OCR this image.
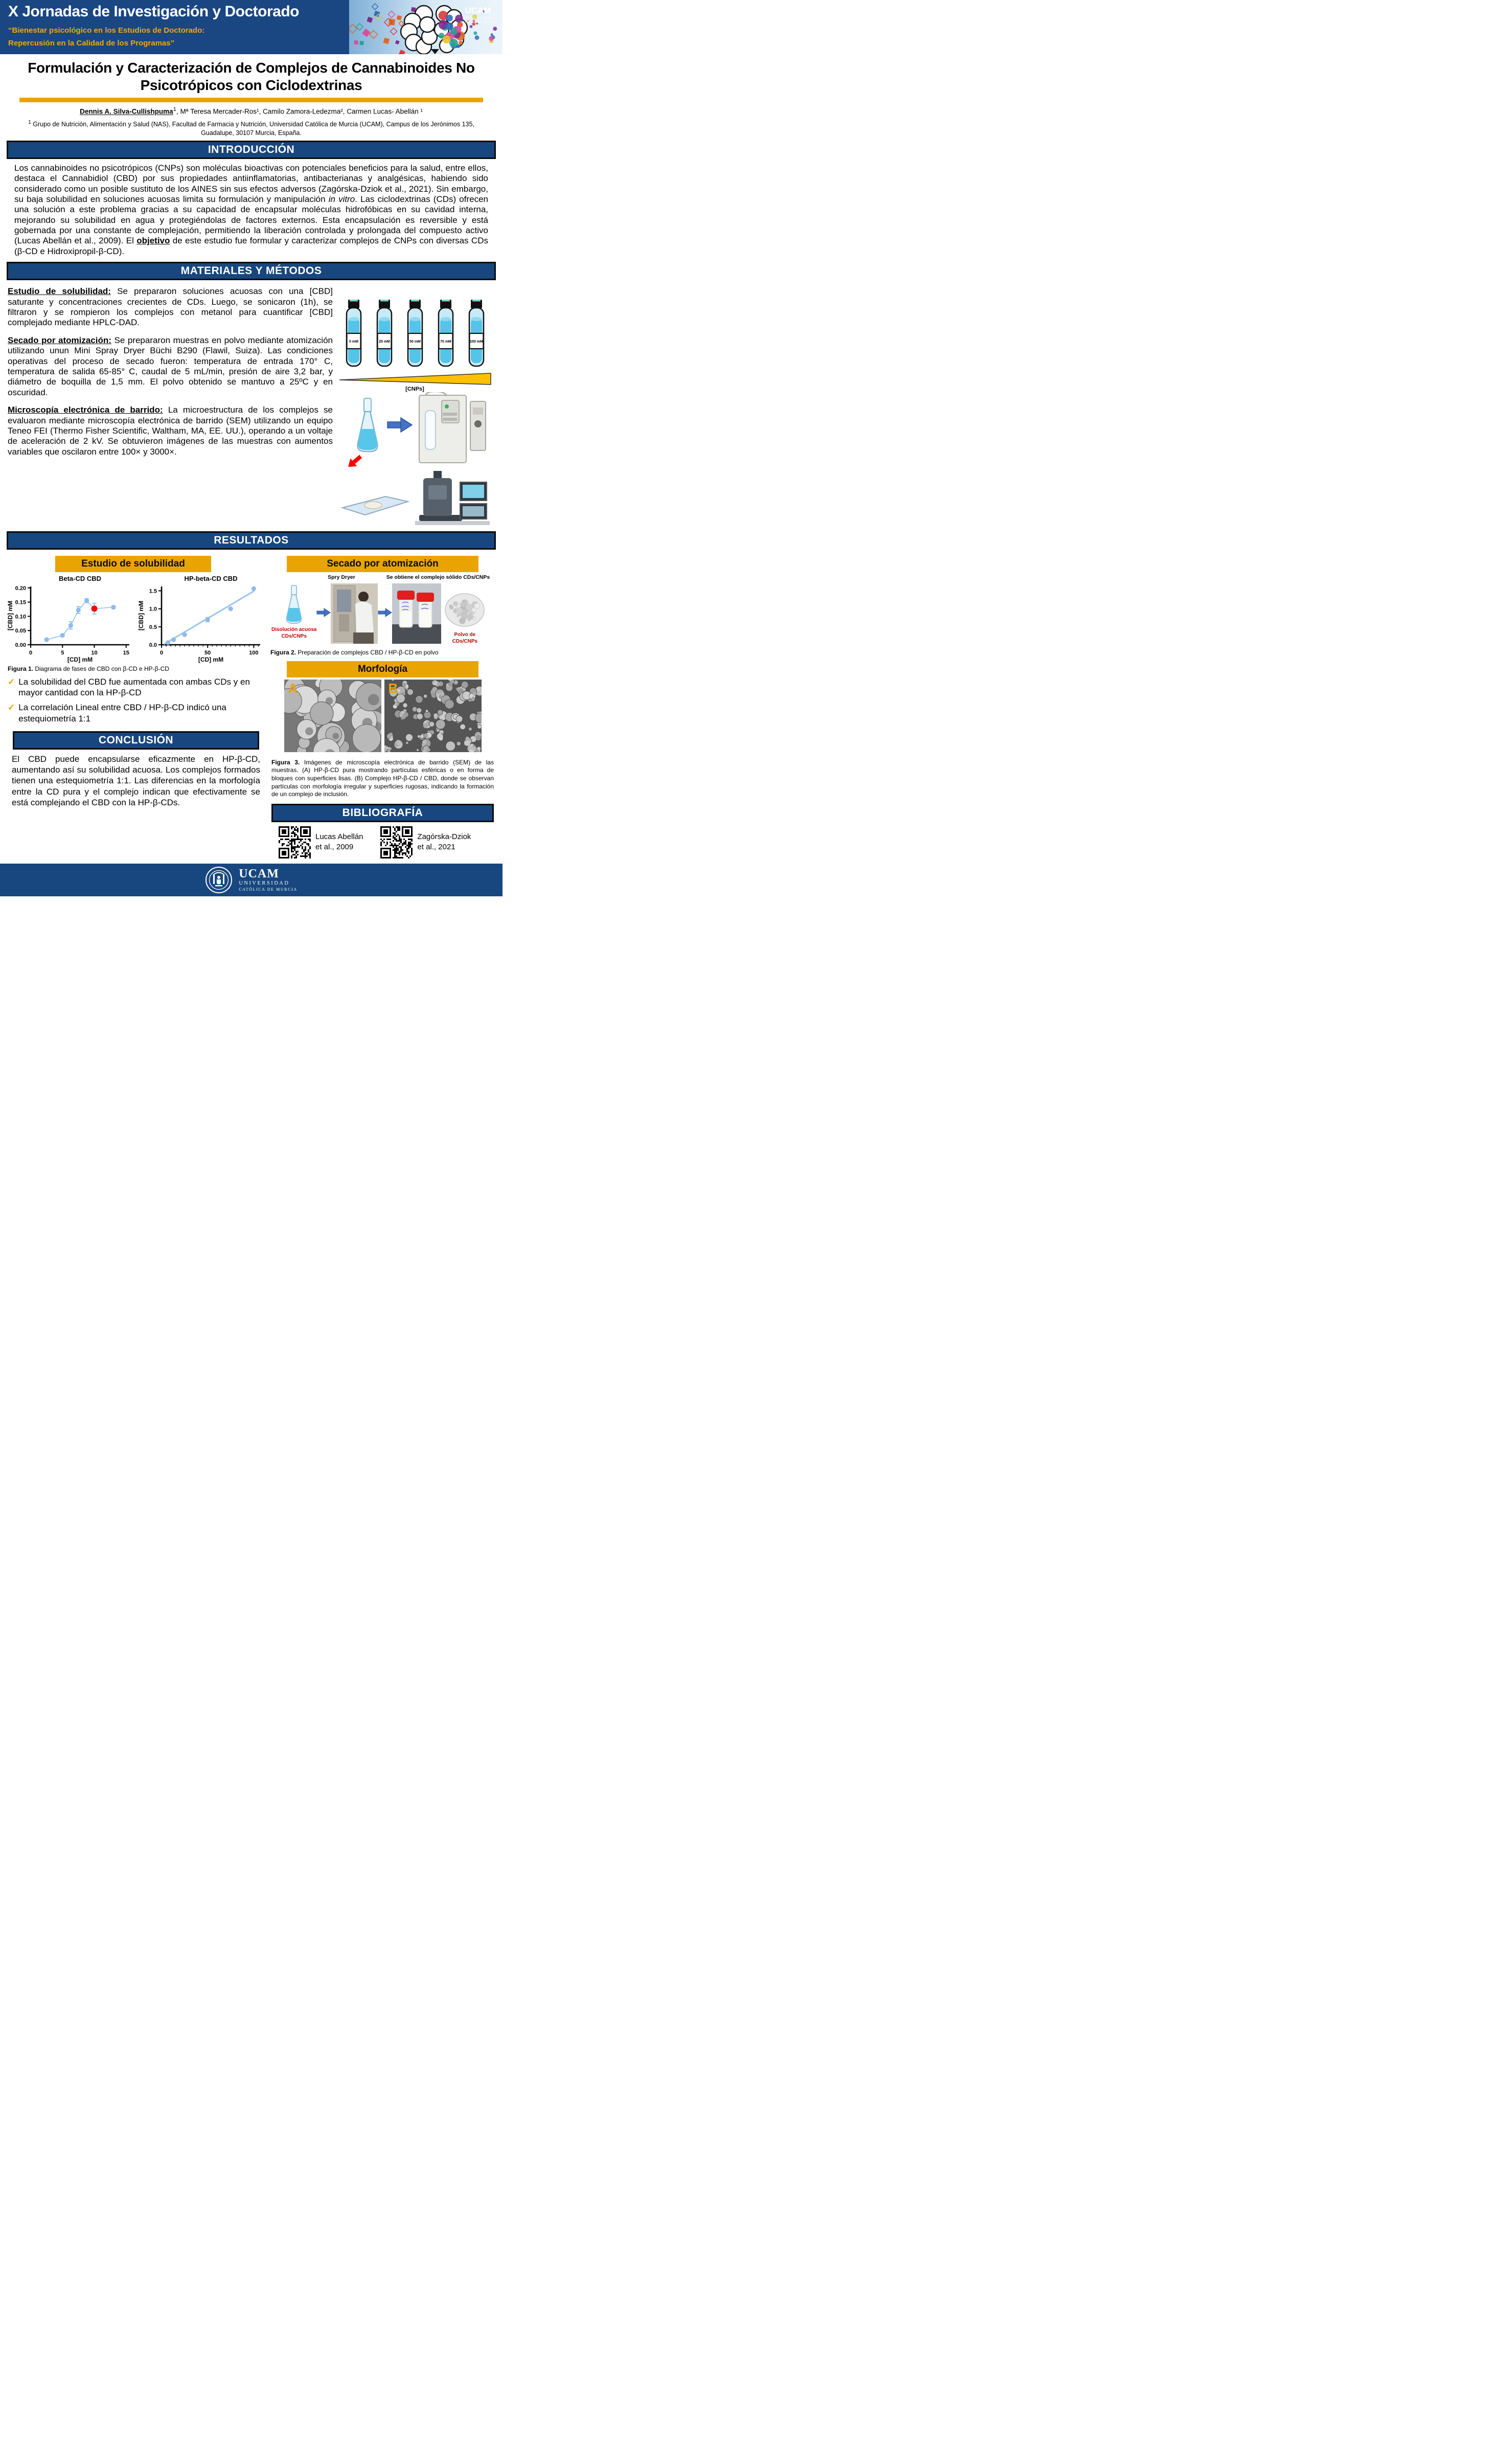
X Jornadas de Investigación y Doctorado
“Bienestar psicológico en los Estudios de Doctorado:
Repercusión en la Calidad de los Programas”
UCAM
UNIVERSIDAD
CATÓLICA DE MURCIA
Formulación y Caracterización de Complejos de Cannabinoides No Psicotrópicos con Ciclodextrinas
Dennis A. Silva-Cullishpuma$^1$, Mª Teresa Mercader-Ros¹, Camilo Zamora-Ledezma², Carmen Lucas- Abellán ¹
$^1$ Grupo de Nutrición, Alimentación y Salud (NAS), Facultad de Farmacia y Nutrición, Universidad Católica de Murcia (UCAM), Campus de los Jerónimos 135, Guadalupe, 30107 Murcia, España.
INTRODUCCIÓN
Los cannabinoides no psicotrópicos (CNPs) son moléculas bioactivas con potenciales beneficios para la salud, entre ellos, destaca el Cannabidiol (CBD) por sus propiedades antiinflamatorias, antibacterianas y analgésicas, habiendo sido considerado como un posible sustituto de los AINES sin sus efectos adversos (Zagórska-Dziok et al., 2021). Sin embargo, su baja solubilidad en soluciones acuosas limita su formulación y manipulación in vitro. Las ciclodextrinas (CDs) ofrecen una solución a este problema gracias a su capacidad de encapsular moléculas hidrofóbicas en su cavidad interna, mejorando su solubilidad en agua y protegiéndolas de factores externos. Esta encapsulación es reversible y está gobernada por una constante de complejación, permitiendo la liberación controlada y prolongada del compuesto activo (Lucas Abellán et al., 2009). El objetivo de este estudio fue formular y caracterizar complejos de CNPs con diversas CDs (β-CD e Hidroxipropil-β-CD).
MATERIALES Y MÉTODOS

Estudio de solubilidad: Se prepararon soluciones acuosas con una [CBD] saturante y concentraciones crecientes de CDs. Luego, se sonicaron (1h), se filtraron y se rompieron los complejos con metanol para cuantificar [CBD] complejado mediante HPLC-DAD.

Secado por atomización: Se prepararon muestras en polvo mediante atomización utilizando unun Mini Spray Dryer Büchi B290 (Flawil, Suiza). Las condiciones operativas del proceso de secado fueron: temperatura de entrada 170° C, temperatura de salida 65-85° C, caudal de 5 mL/min, presión de aire 3,2 bar, y diámetro de boquilla de 1,5 mm. El polvo obtenido se mantuvo a 25ºC y en oscuridad.

Microscopía electrónica de barrido: La microestructura de los complejos se evaluaron mediante microscopía electrónica de barrido (SEM) utilizando un equipo Teneo FEI (Thermo Fisher Scientific, Waltham, MA, EE. UU.), operando a un voltaje de aceleración de 2 kV. Se obtuvieron imágenes de las muestras con aumentos variables que oscilaron entre 100× y 3000×.

0 mM	25 mM	50 mM	70 mM	100 mM
[CNPs]
RESULTADOS
Estudio de solubilidad
0	5	10	15
0.00
0.05
0.10
0.15
0.20
Beta-CD CBD
[CD] mM
[CBD] mM
0	50	100
0.0
0.5
1.0
1.5
HP-beta-CD CBD
[CD] mM
[CBD] mM
Figura 1. Diagrama de fases de CBD con β-CD e HP-β-CD
✓
La solubilidad del CBD fue aumentada con ambas CDs y en mayor cantidad con la HP-β-CD
✓
La correlación Lineal entre CBD / HP-β-CD indicó una estequiometría 1:1
CONCLUSIÓN
El CBD puede encapsularse eficazmente en HP-β-CD, aumentando así su solubilidad acuosa. Los complejos formados tienen una estequiometría 1:1. Las diferencias en la morfología entre la CD pura y el complejo indican que efectivamente se está complejando el CBD con la HP-β-CDs.
Secado por atomización
Spry Dryer	Se obtiene el complejo sólido CDs/CNPs
Disolución acuosa
CDs/CNPs	Polvo de
CDs/CNPs
Figura 2. Preparación de complejos CBD / HP-β-CD en polvo
Morfología
A	B
Figura 3. Imágenes de microscopía electrónica de barrido (SEM) de las muestras. (A) HP-β-CD pura mostrando partículas esféricas o en forma de bloques con superficies lisas. (B) Complejo HP-β-CD / CBD, donde se observan partículas con morfología irregular y superficies rugosas, indicando la formación de un complejo de inclusión.
BIBLIOGRAFÍA
Lucas Abellán
et al., 2009
Zagórska-Dziok
et al., 2021
UCAM
UNIVERSIDAD
CATÓLICA DE MURCIA
